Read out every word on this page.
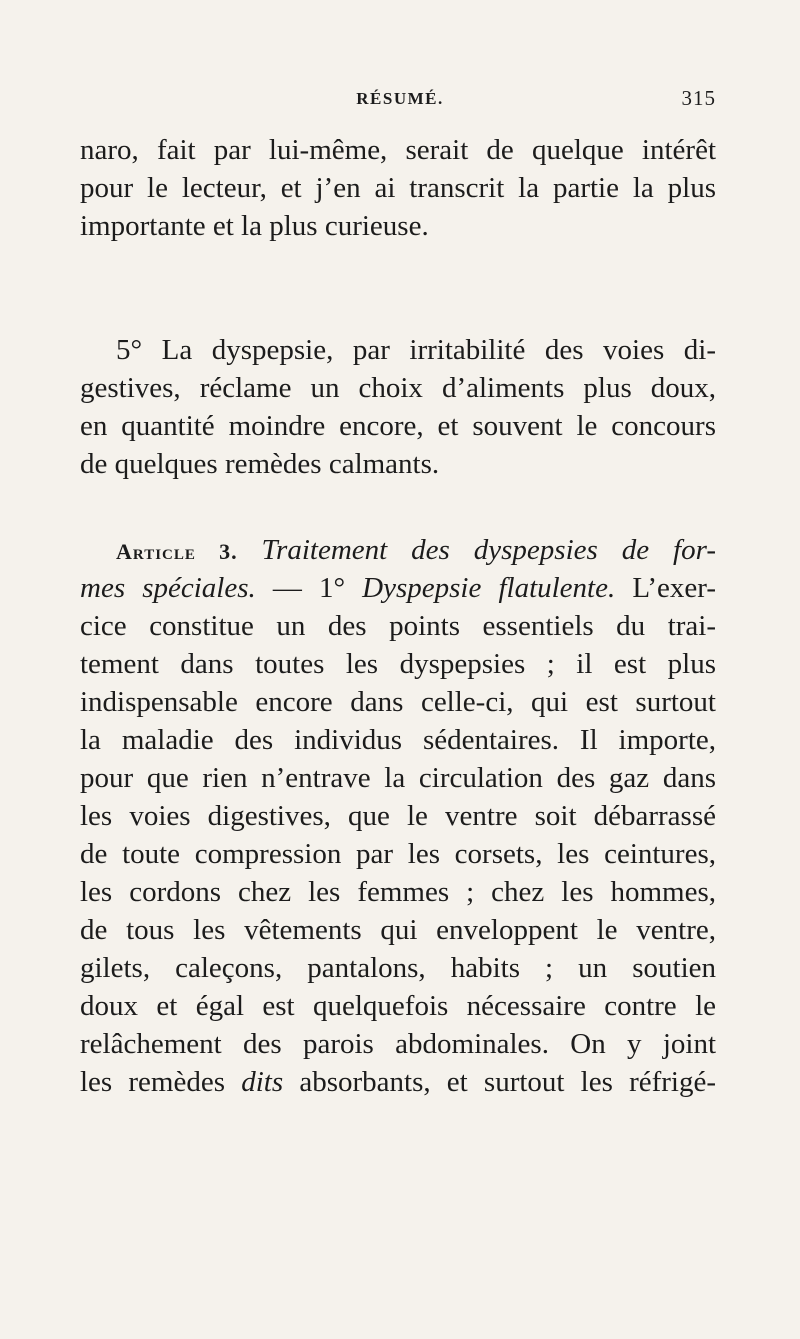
RÉSUMÉ.	315
naro, fait par lui-même, serait de quelque intérêt
pour le lecteur, et j’en ai transcrit la partie la plus
importante et la plus curieuse.
5° La dyspepsie, par irritabilité des voies di-
gestives, réclame un choix d’aliments plus doux,
en quantité moindre encore, et souvent le concours
de quelques remèdes calmants.
Article 3. Traitement des dyspepsies de for-
mes spéciales. — 1° Dyspepsie flatulente. L’exer-
cice constitue un des points essentiels du trai-
tement dans toutes les dyspepsies ; il est plus
indispensable encore dans celle-ci, qui est surtout
la maladie des individus sédentaires. Il importe,
pour que rien n’entrave la circulation des gaz dans
les voies digestives, que le ventre soit débarrassé
de toute compression par les corsets, les ceintures,
les cordons chez les femmes ; chez les hommes,
de tous les vêtements qui enveloppent le ventre,
gilets, caleçons, pantalons, habits ; un soutien
doux et égal est quelquefois nécessaire contre le
relâchement des parois abdominales. On y joint
les remèdes dits absorbants, et surtout les réfrigé-
